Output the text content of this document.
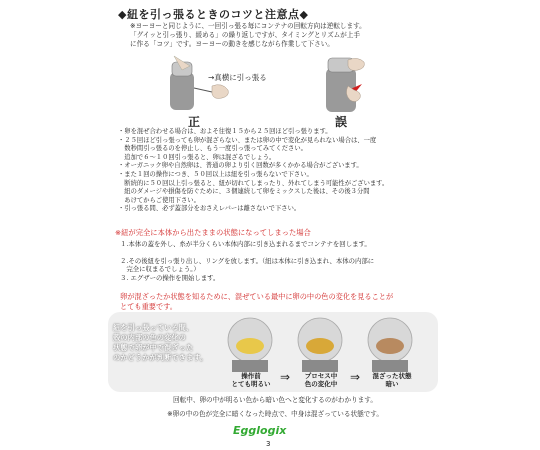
◆紐を引っ張るときのコツと注意点◆
※ヨーヨーと同じように、一回引っ張る毎にコンテナの回転方向は逆転します。
「グイッと引っ張り、緩める」の繰り返しですが、タイミングとリズムが上手
に作る「コツ」です。ヨーヨーの動きを感じながら作業して下さい。
→真横に引っ張る
正	誤
・卵を混ぜ合わせる場合は、およそ往復１５から２５回ほど引っ張ります。
・２５回ほど引っ張っても卵が混ざらない、または卵の中で変化が見られない場合は、一度
　数秒間引っ張るのを停止し、もう一度引っ張ってみてください。
　追加で６〜１０回引っ張ると、卵は混ざるでしょう。
・オーガニック卵や自然卵は、普通の卵より引く回数が多くかかる場合がございます。
・また１回の操作につき、５０回以上は紐を引っ張らないで下さい。
　断続的に５０回以上引っ張ると、紐が切れてしまったり、外れてしまう可能性がございます。
　紐のダメージや損傷を防ぐために、３個連続して卵をミックスした後は、その後３分間
　あけてからご使用下さい。
・引っ張る間、必ず蓋部分をおさえレバーは離さないで下さい。
※紐が完全に本体から出たままの状態になってしまった場合
１.本体の蓋を外し、糸が半分くらい本体内部に引き込まれるまでコンテナを回します。
２.その後紐を引っ張り出し、リングを放します。（紐は本体に引き込まれ、本体の内部に
　完全に収まるでしょう。）
３. エグザーの操作を開始します。
卵が混ざったか状態を知るために、混ぜている最中に卵の中の色の変化を見ることが
とても重要です。
紐を引っ張っている間、
殻の内部の色の変化の
状態で卵が中で混ざった
のかどうかが判断できます。
操作前
とても明るい ⇒	プロセス中
色の変化中	⇒	混ざった状態
暗い
回転中、卵の中が明るい色から暗い色へと変化するのがわかります。
※卵の中の色が完全に暗くなった時点で、中身は混ざっている状態です。
Egglogix
3
